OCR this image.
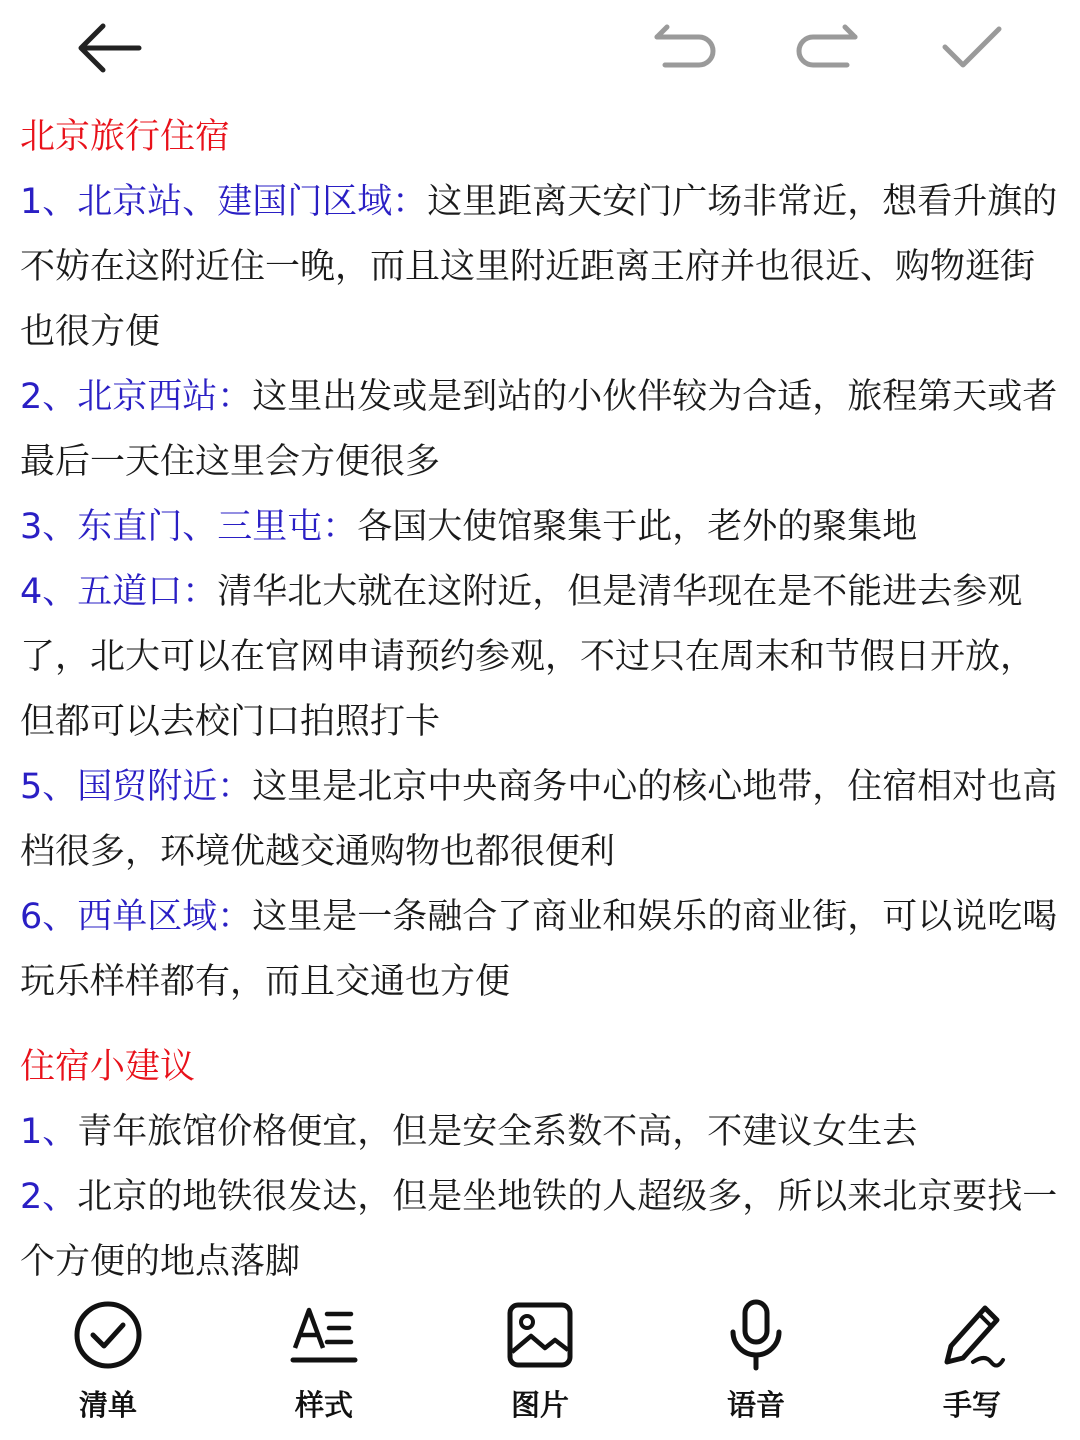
北京旅行住宿

1、北京站、建国门区域：这里距离天安门广场非常近，想看升旗的不妨在这附近住一晚，而且这里附近距离王府并也很近、购物逛街也很方便

2、北京西站：这里出发或是到站的小伙伴较为合适，旅程第天或者最后一天住这里会方便很多

3、东直门、三里屯：各国大使馆聚集于此，老外的聚集地

4、五道口：清华北大就在这附近，但是清华现在是不能进去参观了，北大可以在官网申请预约参观，不过只在周末和节假日开放，但都可以去校门口拍照打卡

5、国贸附近：这里是北京中央商务中心的核心地带，住宿相对也高档很多，环境优越交通购物也都很便利

6、西单区域：这里是一条融合了商业和娱乐的商业街，可以说吃喝玩乐样样都有，而且交通也方便

住宿小建议

1、青年旅馆价格便宜，但是安全系数不高，不建议女生去

2、北京的地铁很发达，但是坐地铁的人超级多，所以来北京要找一个方便的地点落脚

清单	样式	图片	语音	手写
